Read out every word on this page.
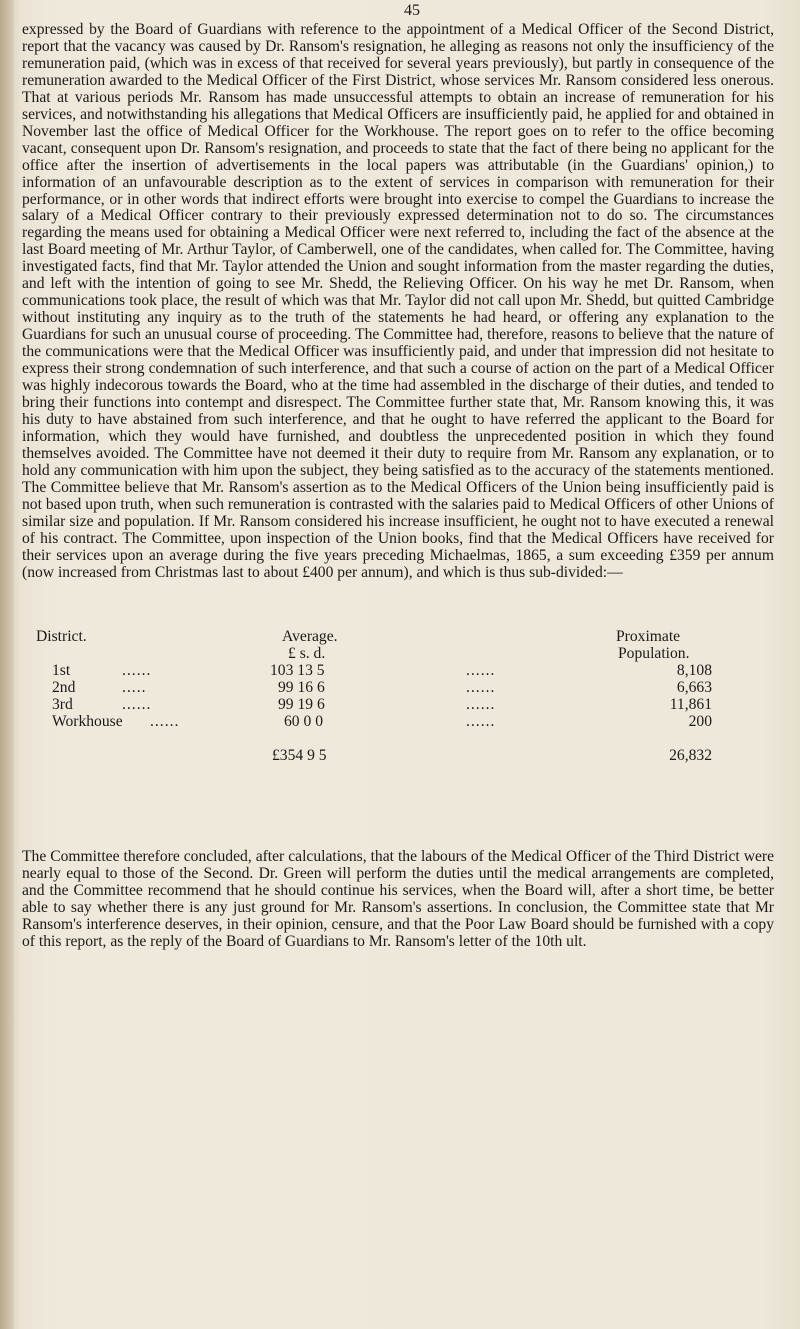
45

expressed by the Board of Guardians with reference to the appointment of a Medical Officer of the Second District, report that the vacancy was caused by Dr. Ransom's resignation, he alleging as reasons not only the insufficiency of the remuneration paid, (which was in excess of that received for several years previously), but partly in consequence of the remuneration awarded to the Medical Officer of the First District, whose services Mr. Ransom considered less onerous. That at various periods Mr. Ransom has made unsuccessful attempts to obtain an increase of remuneration for his services, and notwithstanding his allegations that Medical Officers are insufficiently paid, he applied for and obtained in November last the office of Medical Officer for the Workhouse. The report goes on to refer to the office becoming vacant, consequent upon Dr. Ransom's resignation, and proceeds to state that the fact of there being no applicant for the office after the insertion of advertisements in the local papers was attributable (in the Guardians' opinion,) to information of an unfavourable description as to the extent of services in comparison with remuneration for their performance, or in other words that indirect efforts were brought into exercise to compel the Guardians to increase the salary of a Medical Officer contrary to their previously expressed determination not to do so. The circumstances regarding the means used for obtaining a Medical Officer were next referred to, including the fact of the absence at the last Board meeting of Mr. Arthur Taylor, of Camberwell, one of the candidates, when called for. The Committee, having investigated facts, find that Mr. Taylor attended the Union and sought information from the master regarding the duties, and left with the intention of going to see Mr. Shedd, the Relieving Officer. On his way he met Dr. Ransom, when communications took place, the result of which was that Mr. Taylor did not call upon Mr. Shedd, but quitted Cambridge without instituting any inquiry as to the truth of the statements he had heard, or offering any explanation to the Guardians for such an unusual course of proceeding. The Committee had, therefore, reasons to believe that the nature of the communications were that the Medical Officer was insufficiently paid, and under that impression did not hesitate to express their strong condemnation of such interference, and that such a course of action on the part of a Medical Officer was highly indecorous towards the Board, who at the time had assembled in the discharge of their duties, and tended to bring their functions into contempt and disrespect. The Committee further state that, Mr. Ransom knowing this, it was his duty to have abstained from such interference, and that he ought to have referred the applicant to the Board for information, which they would have furnished, and doubtless the unprecedented position in which they found themselves avoided. The Committee have not deemed it their duty to require from Mr. Ransom any explanation, or to hold any communication with him upon the subject, they being satisfied as to the accuracy of the statements mentioned. The Committee believe that Mr. Ransom's assertion as to the Medical Officers of the Union being insufficiently paid is not based upon truth, when such remuneration is contrasted with the salaries paid to Medical Officers of other Unions of similar size and population. If Mr. Ransom considered his increase insufficient, he ought not to have executed a renewal of his contract. The Committee, upon inspection of the Union books, find that the Medical Officers have received for their services upon an average during the five years preceding Michaelmas, 1865, a sum exceeding £359 per annum (now increased from Christmas last to about £400 per annum), and which is thus sub-divided:—

District.	Average.	Proximate
£ s. d.	Population.
1st	......	103 13 5	......	8,108
2nd	.....	99 16 6	......	6,663
3rd	......	99 19 6	......	11,861
Workhouse ......	60 0 0	......	200
£354 9 5	26,832

The Committee therefore concluded, after calculations, that the labours of the Medical Officer of the Third District were nearly equal to those of the Second. Dr. Green will perform the duties until the medical arrangements are completed, and the Committee recommend that he should continue his services, when the Board will, after a short time, be better able to say whether there is any just ground for Mr. Ransom's assertions. In conclusion, the Committee state that Mr Ransom's interference deserves, in their opinion, censure, and that the Poor Law Board should be furnished with a copy of this report, as the reply of the Board of Guardians to Mr. Ransom's letter of the 10th ult.
